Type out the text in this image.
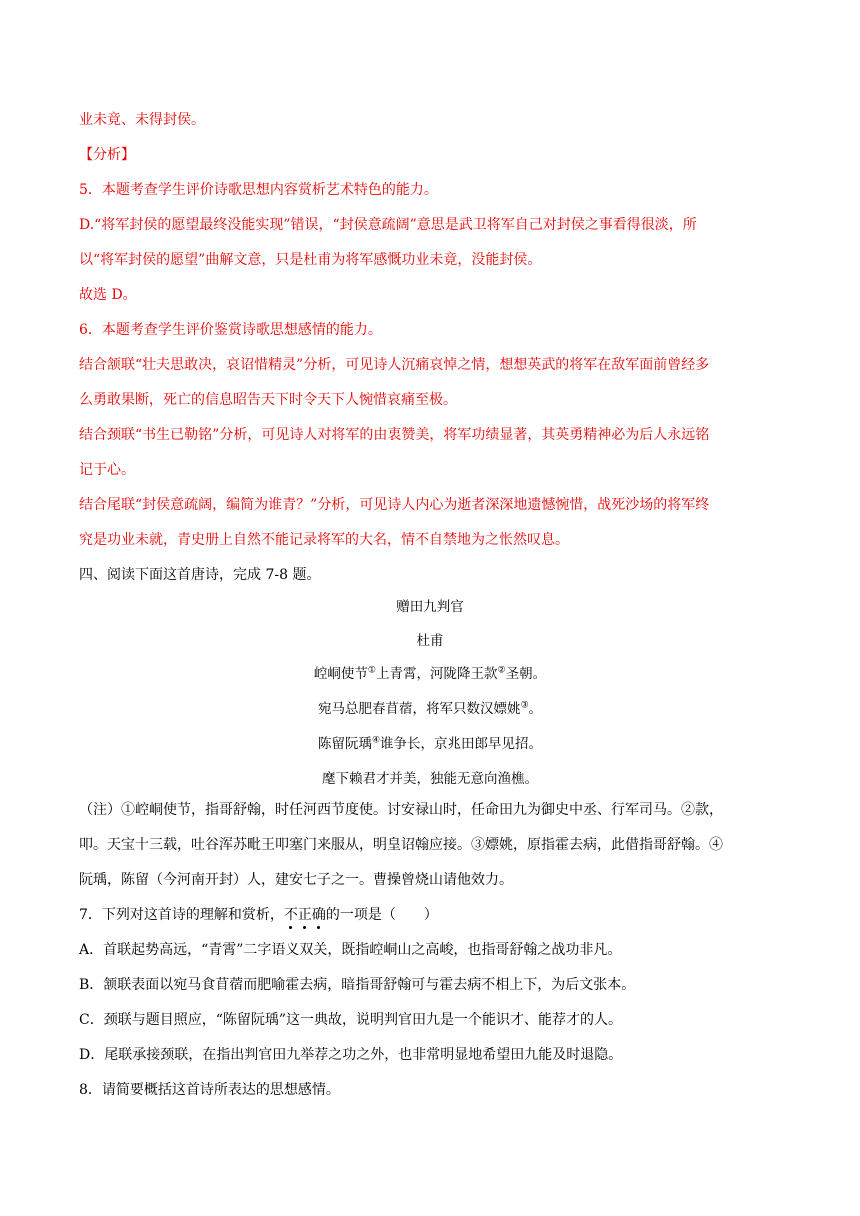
业未竟、未得封侯。
【分析】
5．本题考查学生评价诗歌思想内容赏析艺术特色的能力。
D.“将军封侯的愿望最终没能实现”错误，“封侯意疏阔”意思是武卫将军自己对封侯之事看得很淡，所
以“将军封侯的愿望”曲解文意，只是杜甫为将军感慨功业未竟，没能封侯。
故选 D。
6．本题考查学生评价鉴赏诗歌思想感情的能力。
结合颔联“壮夫思敢决，哀诏惜精灵”分析，可见诗人沉痛哀悼之情，想想英武的将军在敌军面前曾经多
么勇敢果断，死亡的信息昭告天下时令天下人惋惜哀痛至极。
结合颈联“书生已勒铭”分析，可见诗人对将军的由衷赞美，将军功绩显著，其英勇精神必为后人永远铭
记于心。
结合尾联“封侯意疏阔，编简为谁青？”分析，可见诗人内心为逝者深深地遗憾惋惜，战死沙场的将军终
究是功业未就，青史册上自然不能记录将军的大名，情不自禁地为之怅然叹息。
四、阅读下面这首唐诗，完成 7-8 题。
赠田九判官
杜甫
崆峒使节①上青霄，河陇降王款②圣朝。
宛马总肥春苜蓿，将军只数汉嫖姚③。
陈留阮瑀④谁争长，京兆田郎早见招。
麾下赖君才并美，独能无意向渔樵。
（注）①崆峒使节，指哥舒翰，时任河西节度使。讨安禄山时，任命田九为御史中丞、行军司马。②款，
叩。天宝十三载，吐谷浑苏毗王叩塞门来服从，明皇诏翰应接。③嫖姚，原指霍去病，此借指哥舒翰。④
阮瑀，陈留（今河南开封）人，建安七子之一。曹操曾烧山请他效力。
7．下列对这首诗的理解和赏析，不正确的一项是（　　）
A．首联起势高远，“青霄”二字语义双关，既指崆峒山之高峻，也指哥舒翰之战功非凡。
B．颔联表面以宛马食苜蓿而肥喻霍去病，暗指哥舒翰可与霍去病不相上下，为后文张本。
C．颈联与题目照应，“陈留阮瑀”这一典故，说明判官田九是一个能识才、能荐才的人。
D．尾联承接颈联，在指出判官田九举荐之功之外，也非常明显地希望田九能及时退隐。
8．请简要概括这首诗所表达的思想感情。
